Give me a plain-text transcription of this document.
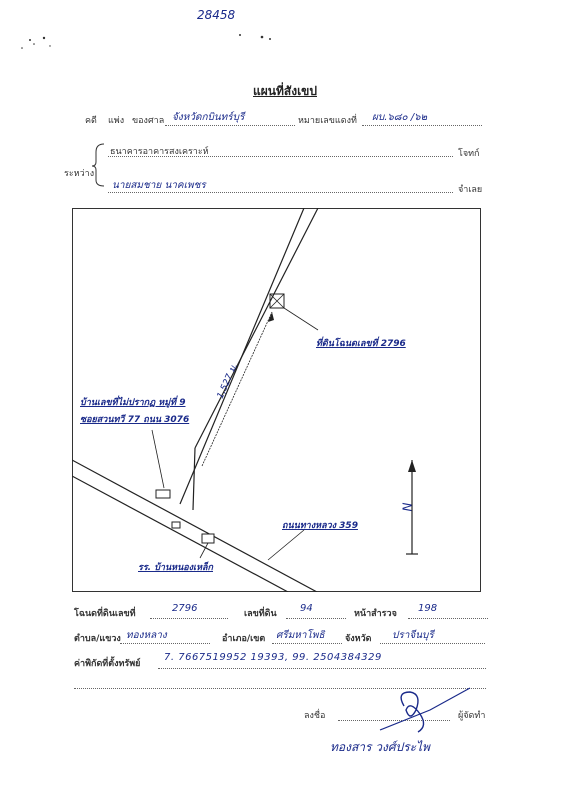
28458
แผนที่สังเขป
คดี แพ่ง ของศาล จังหวัดกบินทร์บุรี	หมายเลขแดงที่ ผบ.๖๘๐ /๖๒
ระหว่าง
ธนาคารอาคารสงเคราะห์	โจทก์
นายสมชาย นาคเพชร	จำเลย
บ้านเลขที่ไม่ปรากฏ หมู่ที่ 9
ซอยสวนทวี 77 ถนน 3076
1,527 ม.
ที่ดินโฉนดเลขที่ 2796
ถนนทางหลวง 359
รร. บ้านหนองเหล็ก
N
โฉนดที่ดินเลขที่	2796	เลขที่ดิน 94	หน้าสำรวจ 198
ตำบล/แขวง ทองหลาง	อำเภอ/เขต ศรีมหาโพธิ จังหวัด ปราจีนบุรี
ค่าพิกัดที่ตั้งทรัพย์
7. 7667519952 19393, 99. 2504384329
ลงชื่อ	ผู้จัดทำ
ทองสาร วงศ์ประไพ
